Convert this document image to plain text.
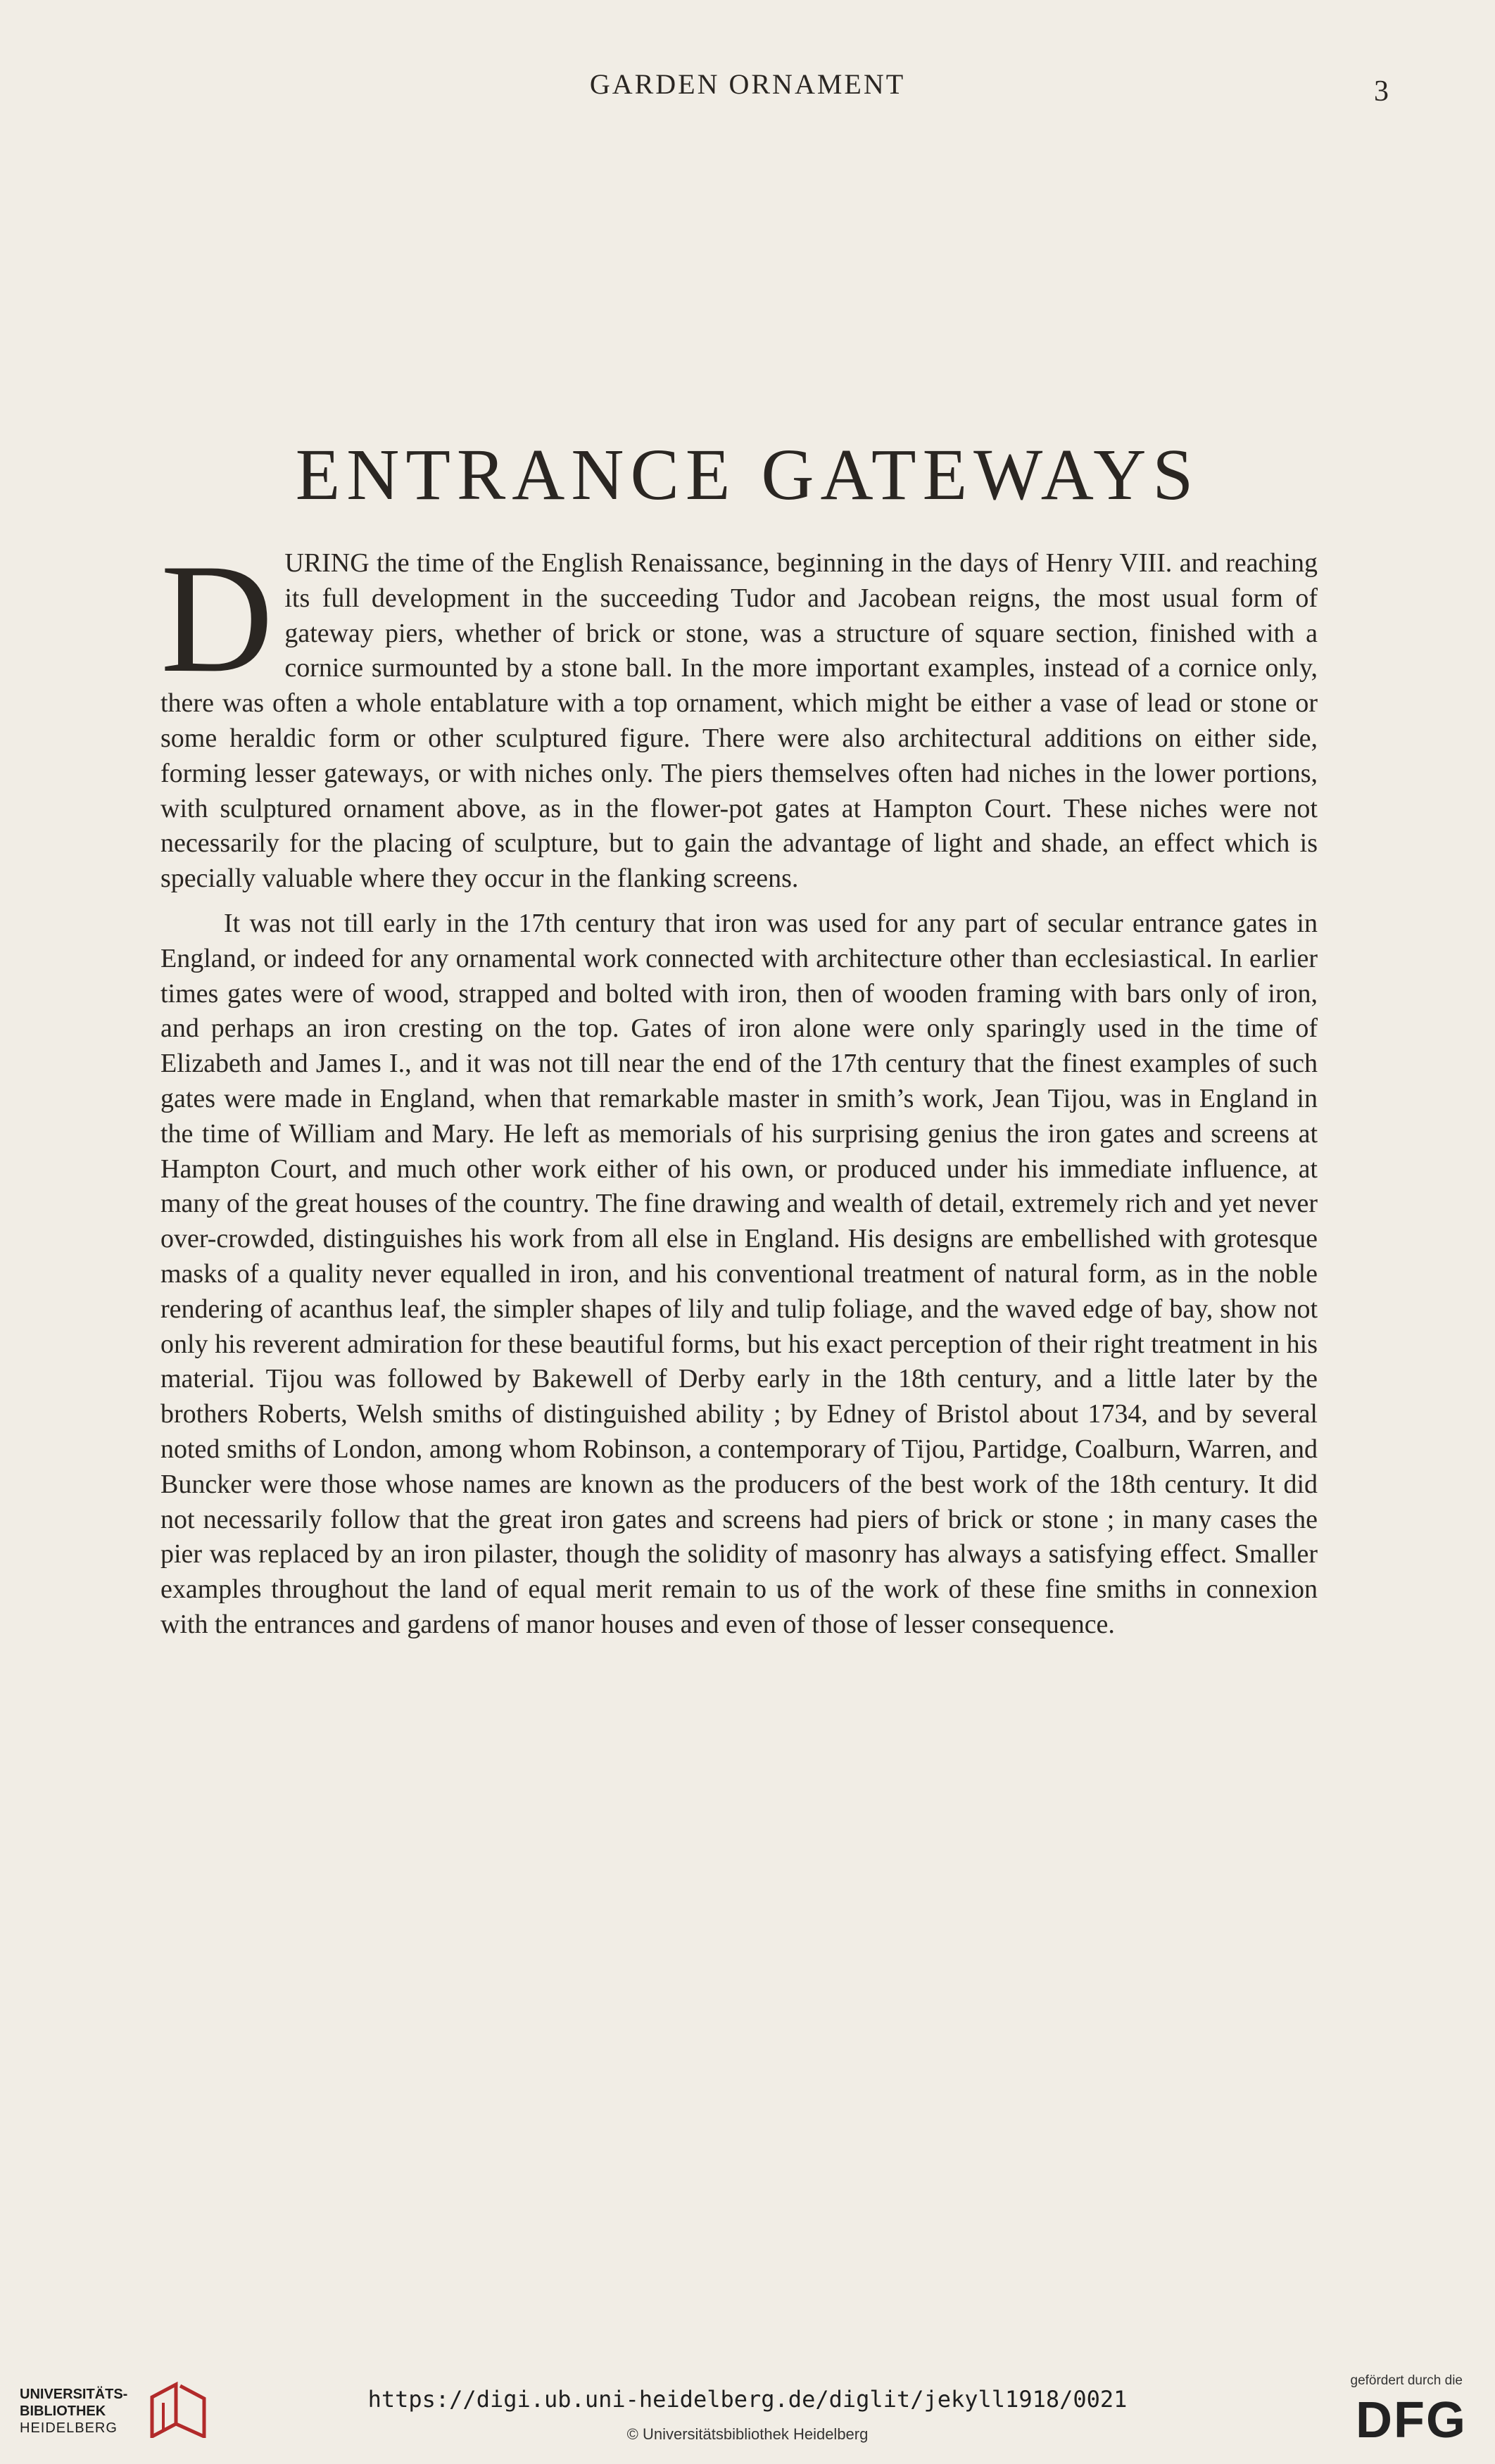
GARDEN ORNAMENT	3
ENTRANCE GATEWAYS

D URING the time of the English Renaissance, beginning in the days of Henry VIII. and reaching its full development in the succeeding Tudor and Jacobean reigns, the most usual form of gateway piers, whether of brick or stone, was a structure of square section, finished with a cornice surmounted by a stone ball. In the more important examples, instead of a cornice only, there was often a whole entablature with a top ornament, which might be either a vase of lead or stone or some heraldic form or other sculptured figure. There were also architectural additions on either side, forming lesser gateways, or with niches only. The piers themselves often had niches in the lower portions, with sculptured ornament above, as in the flower-pot gates at Hampton Court. These niches were not necessarily for the placing of sculpture, but to gain the advantage of light and shade, an effect which is specially valuable where they occur in the flanking screens.

It was not till early in the 17th century that iron was used for any part of secular entrance gates in England, or indeed for any ornamental work connected with architecture other than ecclesiastical. In earlier times gates were of wood, strapped and bolted with iron, then of wooden framing with bars only of iron, and perhaps an iron cresting on the top. Gates of iron alone were only sparingly used in the time of Elizabeth and James I., and it was not till near the end of the 17th century that the finest examples of such gates were made in England, when that remarkable master in smith’s work, Jean Tijou, was in England in the time of William and Mary. He left as memorials of his surprising genius the iron gates and screens at Hampton Court, and much other work either of his own, or produced under his immediate influence, at many of the great houses of the country. The fine drawing and wealth of detail, extremely rich and yet never over-crowded, distinguishes his work from all else in England. His designs are embellished with grotesque masks of a quality never equalled in iron, and his conventional treatment of natural form, as in the noble rendering of acanthus leaf, the simpler shapes of lily and tulip foliage, and the waved edge of bay, show not only his reverent admiration for these beautiful forms, but his exact perception of their right treatment in his material. Tijou was followed by Bakewell of Derby early in the 18th century, and a little later by the brothers Roberts, Welsh smiths of distinguished ability ; by Edney of Bristol about 1734, and by several noted smiths of London, among whom Robinson, a contemporary of Tijou, Partidge, Coalburn, Warren, and Buncker were those whose names are known as the producers of the best work of the 18th century. It did not necessarily follow that the great iron gates and screens had piers of brick or stone ; in many cases the pier was replaced by an iron pilaster, though the solidity of masonry has always a satisfying effect. Smaller examples throughout the land of equal merit remain to us of the work of these fine smiths in connexion with the entrances and gardens of manor houses and even of those of lesser consequence.

UNIVERSITÄTS-
BIBLIOTHEK
HEIDELBERG
https://digi.ub.uni-heidelberg.de/diglit/jekyll1918/0021
© Universitätsbibliothek Heidelberg
gefördert durch die
DFG
